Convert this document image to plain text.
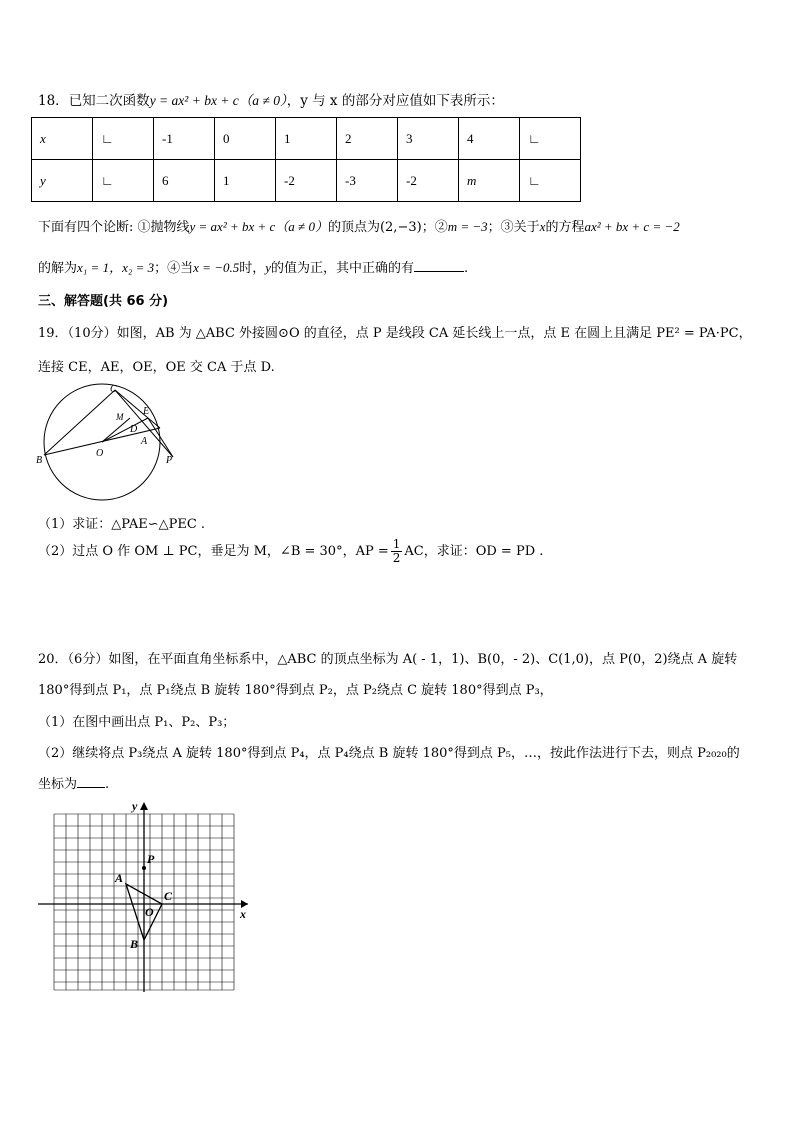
18．已知二次函数y = ax² + bx + c（a ≠ 0），y 与 x 的部分对应值如下表所示：
x	∟	-1	0	1	2	3	4	∟
y	∟	6	1	-2	-3	-2	m	∟
下面有四个论断: ①抛物线y = ax² + bx + c（a ≠ 0）的顶点为(2,−3)；②m = −3；③关于x的方程ax² + bx + c = −2
的解为x₁ = 1，x₂ = 3；④当x = −0.5时，y的值为正，其中正确的有	.
三、解答题(共 66 分)
19．（10分）如图，AB 为 △ABC 外接圆⊙O 的直径，点 P 是线段 CA 延长线上一点，点 E 在圆上且满足 PE² = PA·PC，
连接 CE，AE，OE，OE 交 CA 于点 D.
C
M E
D
A
B
O
P
（1）求证：△PAE∽△PEC .
（2）过点 O 作 OM ⊥ PC，垂足为 M，∠B = 30°，AP = $\frac{1}{2}$ AC，求证：OD = PD .
20．（6分）如图，在平面直角坐标系中，△ABC 的顶点坐标为 A( - 1，1)、B(0，- 2)、C(1,0)，点 P(0，2)绕点 A 旋转
180°得到点 P₁，点 P₁绕点 B 旋转 180°得到点 P₂，点 P₂绕点 C 旋转 180°得到点 P₃，
（1）在图中画出点 P₁、P₂、P₃；
（2）继续将点 P₃绕点 A 旋转 180°得到点 P₄，点 P₄绕点 B 旋转 180°得到点 P₅，…，按此作法进行下去，则点 P₂₀₂₀的
坐标为 .
y
x
P
A
C
O
B
